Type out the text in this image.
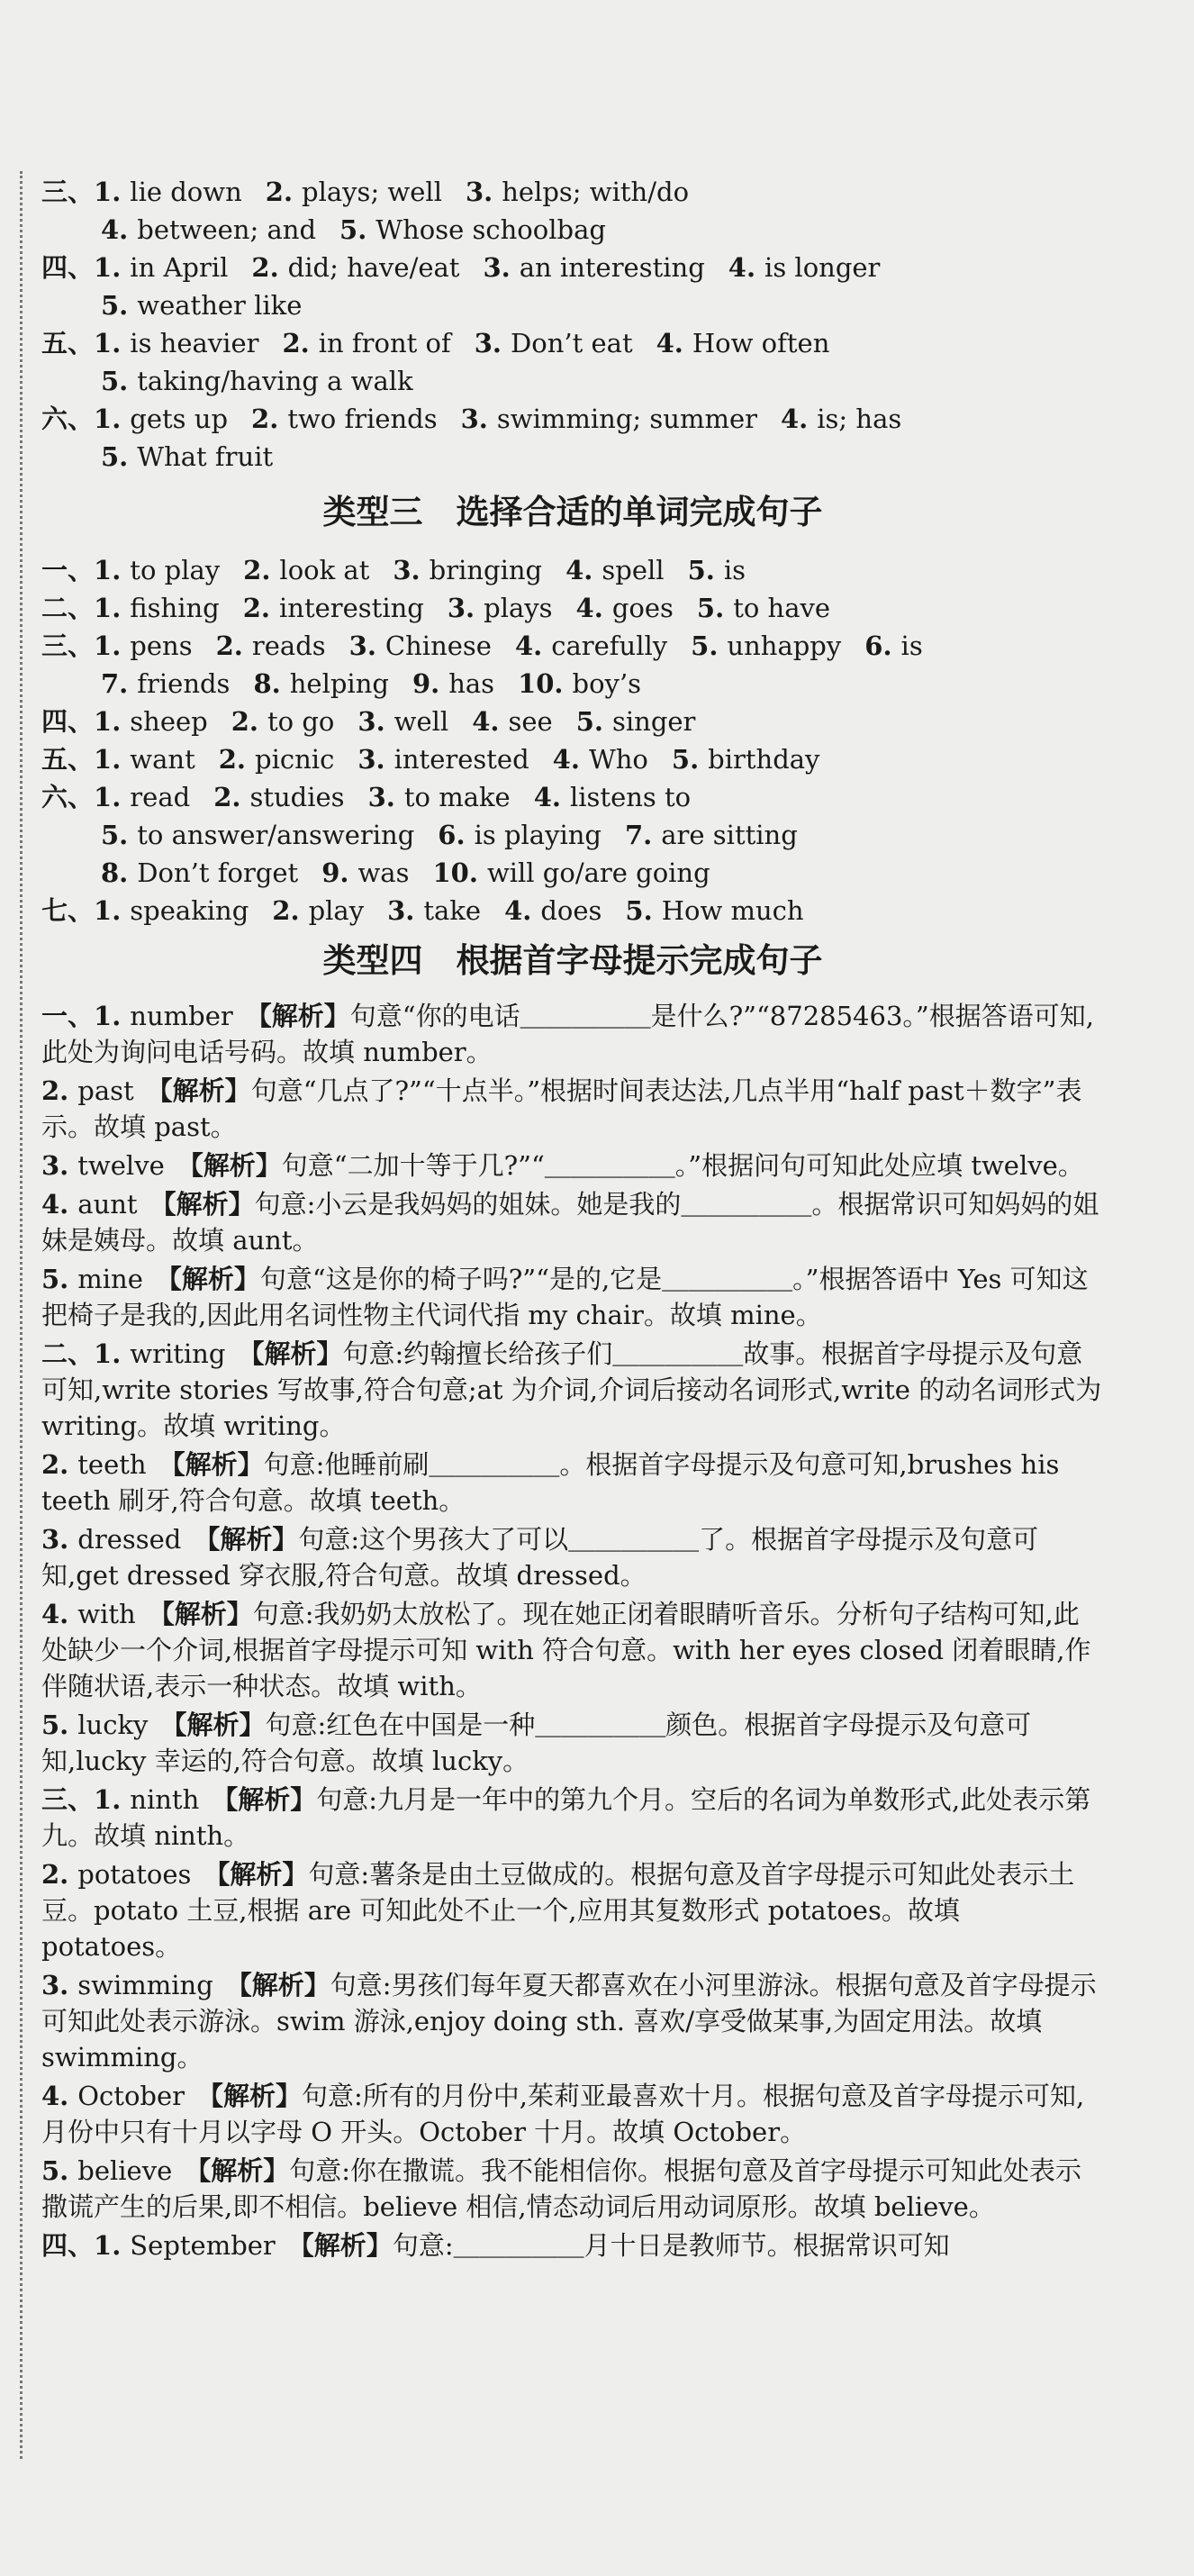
三、1. lie down 2. plays; well 3. helps; with/do
4. between; and 5. Whose schoolbag
四、1. in April 2. did; have/eat 3. an interesting 4. is longer
5. weather like
五、1. is heavier 2. in front of 3. Don’t eat 4. How often
5. taking/having a walk
六、1. gets up 2. two friends 3. swimming; summer 4. is; has
5. What fruit
类型三　选择合适的单词完成句子
一、1. to play 2. look at 3. bringing 4. spell 5. is
二、1. fishing 2. interesting 3. plays 4. goes 5. to have
三、1. pens 2. reads 3. Chinese 4. carefully 5. unhappy 6. is
7. friends 8. helping 9. has 10. boy’s
四、1. sheep 2. to go 3. well 4. see 5. singer
五、1. want 2. picnic 3. interested 4. Who 5. birthday
六、1. read 2. studies 3. to make 4. listens to
5. to answer/answering 6. is playing 7. are sitting
8. Don’t forget 9. was 10. will go/are going
七、1. speaking 2. play 3. take 4. does 5. How much
类型四　根据首字母提示完成句子
一、1. number 【解析】句意“你的电话＿＿＿＿＿是什么?”“87285463。”根据答语可知,此处为询问电话号码。故填 number。
2. past 【解析】句意“几点了?”“十点半。”根据时间表达法,几点半用“half past＋数字”表示。故填 past。
3. twelve 【解析】句意“二加十等于几?”“＿＿＿＿＿。”根据问句可知此处应填 twelve。
4. aunt 【解析】句意:小云是我妈妈的姐妹。她是我的＿＿＿＿＿。根据常识可知妈妈的姐妹是姨母。故填 aunt。
5. mine 【解析】句意“这是你的椅子吗?”“是的,它是＿＿＿＿＿。”根据答语中 Yes 可知这把椅子是我的,因此用名词性物主代词代指 my chair。故填 mine。
二、1. writing 【解析】句意:约翰擅长给孩子们＿＿＿＿＿故事。根据首字母提示及句意可知,write stories 写故事,符合句意;at 为介词,介词后接动名词形式,write 的动名词形式为 writing。故填 writing。
2. teeth 【解析】句意:他睡前刷＿＿＿＿＿。根据首字母提示及句意可知,brushes his teeth 刷牙,符合句意。故填 teeth。
3. dressed 【解析】句意:这个男孩大了可以＿＿＿＿＿了。根据首字母提示及句意可知,get dressed 穿衣服,符合句意。故填 dressed。
4. with 【解析】句意:我奶奶太放松了。现在她正闭着眼睛听音乐。分析句子结构可知,此处缺少一个介词,根据首字母提示可知 with 符合句意。with her eyes closed 闭着眼睛,作伴随状语,表示一种状态。故填 with。
5. lucky 【解析】句意:红色在中国是一种＿＿＿＿＿颜色。根据首字母提示及句意可知,lucky 幸运的,符合句意。故填 lucky。
三、1. ninth 【解析】句意:九月是一年中的第九个月。空后的名词为单数形式,此处表示第九。故填 ninth。
2. potatoes 【解析】句意:薯条是由土豆做成的。根据句意及首字母提示可知此处表示土豆。potato 土豆,根据 are 可知此处不止一个,应用其复数形式 potatoes。故填 potatoes。
3. swimming 【解析】句意:男孩们每年夏天都喜欢在小河里游泳。根据句意及首字母提示可知此处表示游泳。swim 游泳,enjoy doing sth. 喜欢/享受做某事,为固定用法。故填 swimming。
4. October 【解析】句意:所有的月份中,茱莉亚最喜欢十月。根据句意及首字母提示可知,月份中只有十月以字母 O 开头。October 十月。故填 October。
5. believe 【解析】句意:你在撒谎。我不能相信你。根据句意及首字母提示可知此处表示撒谎产生的后果,即不相信。believe 相信,情态动词后用动词原形。故填 believe。
四、1. September 【解析】句意:＿＿＿＿＿月十日是教师节。根据常识可知
